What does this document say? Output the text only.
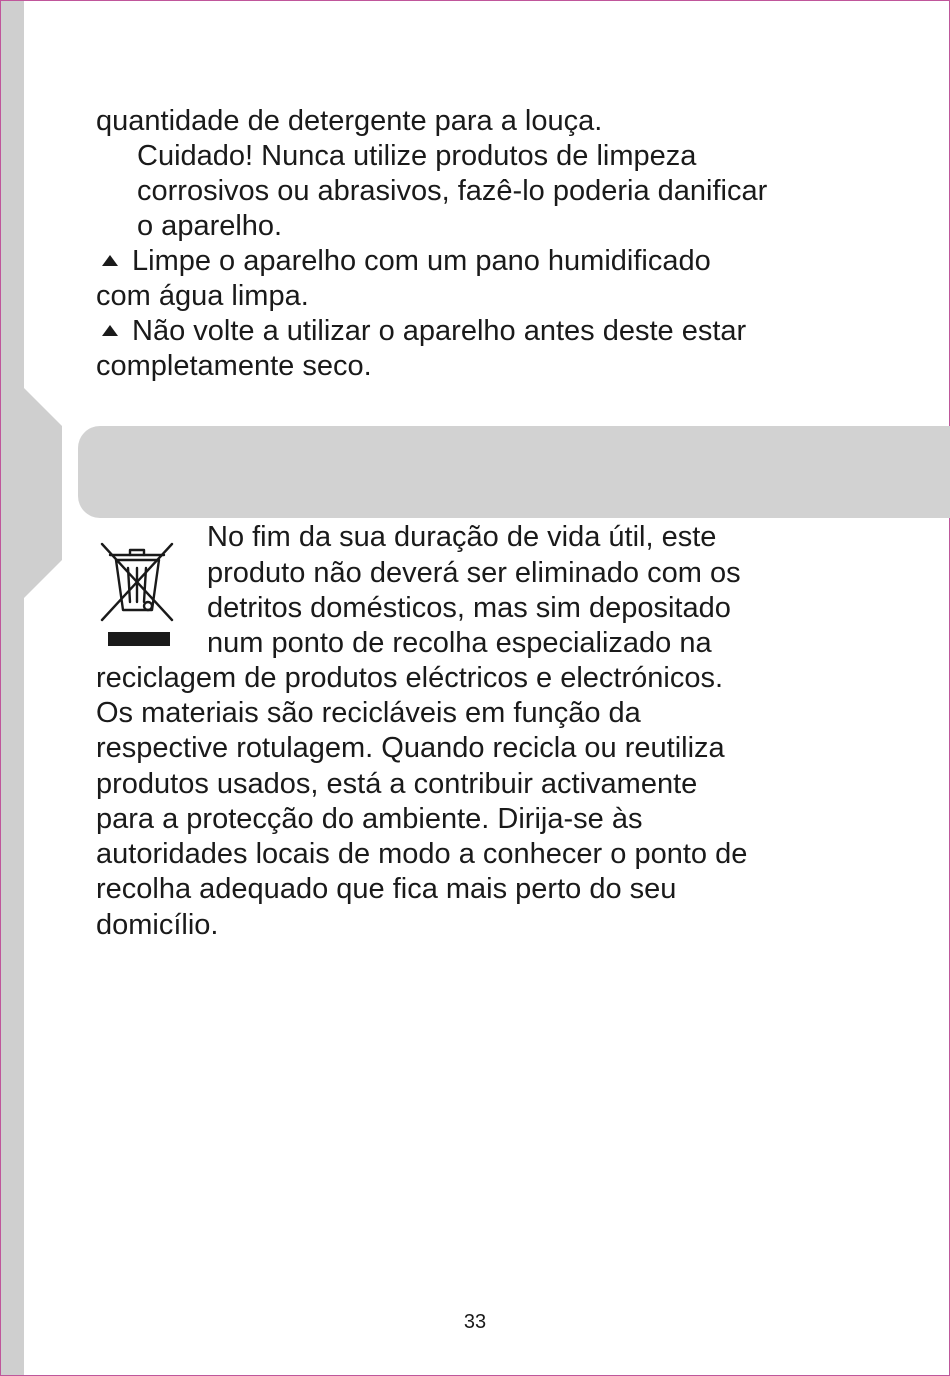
quantidade de detergente para a louça.

Cuidado! Nunca utilize produtos de limpeza

corrosivos ou abrasivos, fazê-lo poderia danificar

o aparelho.

Limpe o aparelho com um pano humidificado

com água limpa.

Não volte a utilizar o aparelho antes deste estar

completamente seco.

No fim da sua duração de vida útil, este

produto não deverá ser eliminado com os

detritos domésticos, mas sim depositado

num ponto de recolha especializado na

reciclagem de produtos eléctricos e electrónicos.

Os materiais são recicláveis em função da

respective rotulagem. Quando recicla ou reutiliza

produtos usados, está a contribuir activamente

para a protecção do ambiente. Dirija-se às

autoridades locais de modo a conhecer o ponto de

recolha adequado que fica mais perto do seu

domicílio.

33
